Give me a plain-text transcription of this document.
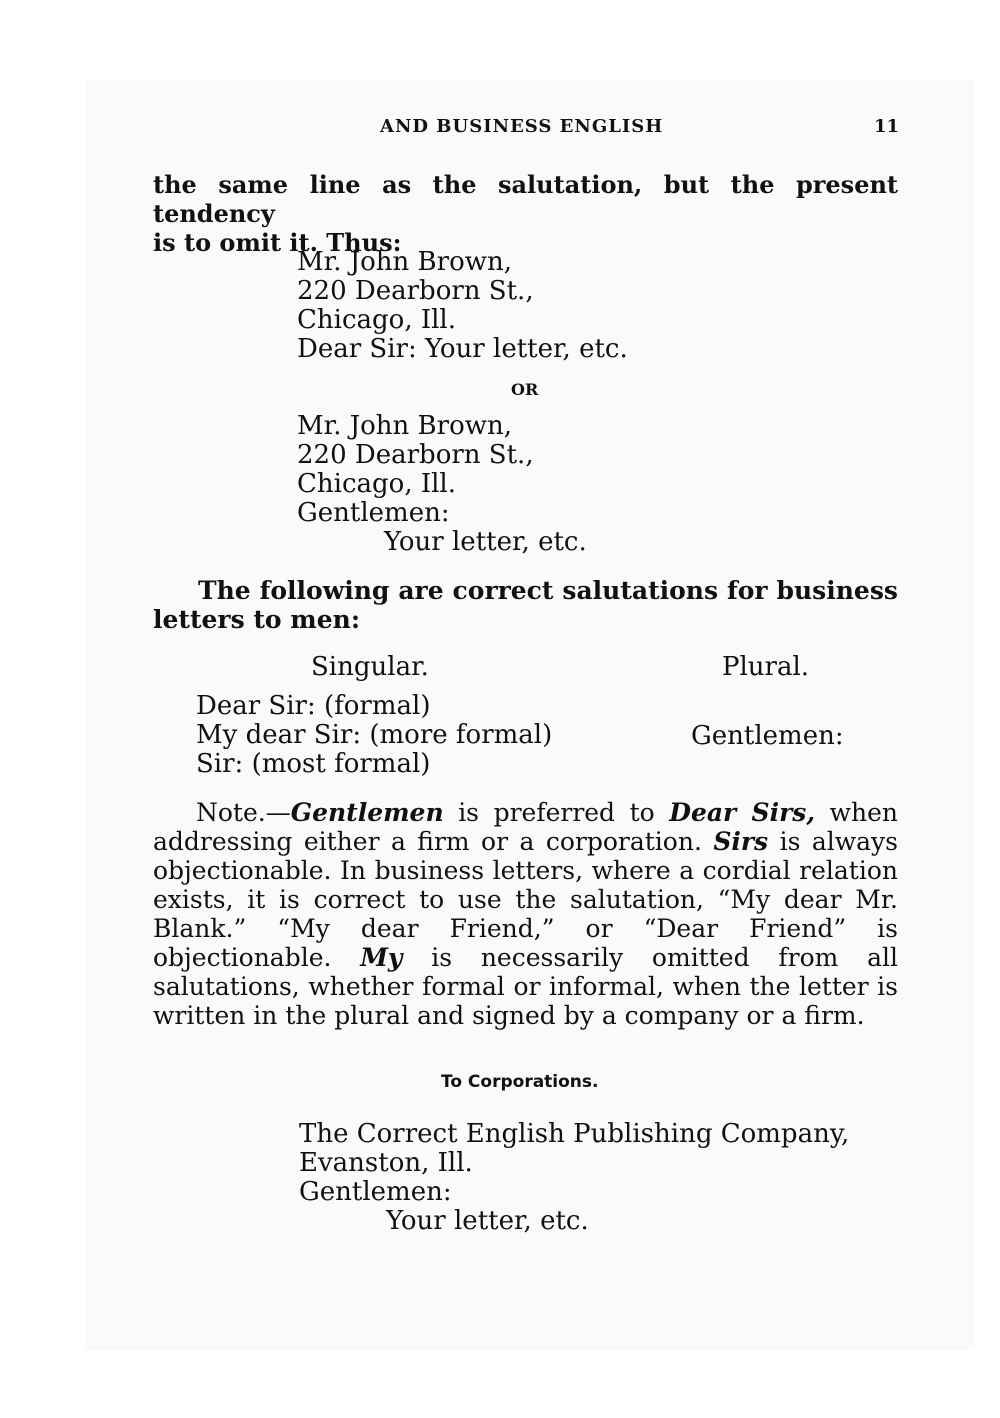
AND BUSINESS ENGLISH	11

the same line as the salutation, but the present tendency

is to omit it. Thus:

Mr. John Brown,
220 Dearborn St.,
Chicago, Ill.
Dear Sir: Your letter, etc.
OR
Mr. John Brown,
220 Dearborn St.,
Chicago, Ill.
Gentlemen:
Your letter, etc.

The following are correct salutations for business

letters to men:

Singular.	Plural.
Dear Sir: (formal)
My dear Sir: (more formal)
Sir: (most formal)
Gentlemen:

Note.—Gentlemen is preferred to Dear Sirs, when addressing either a firm or a corporation. Sirs is always objectionable. In business letters, where a cordial relation exists, it is correct to use the salutation, “My dear Mr. Blank.” “My dear Friend,” or “Dear Friend” is objectionable. My is necessarily omitted from all salutations, whether formal or informal, when the letter is written in the plural and signed by a company or a firm.

To Corporations.
The Correct English Publishing Company,
Evanston, Ill.
Gentlemen:
Your letter, etc.
